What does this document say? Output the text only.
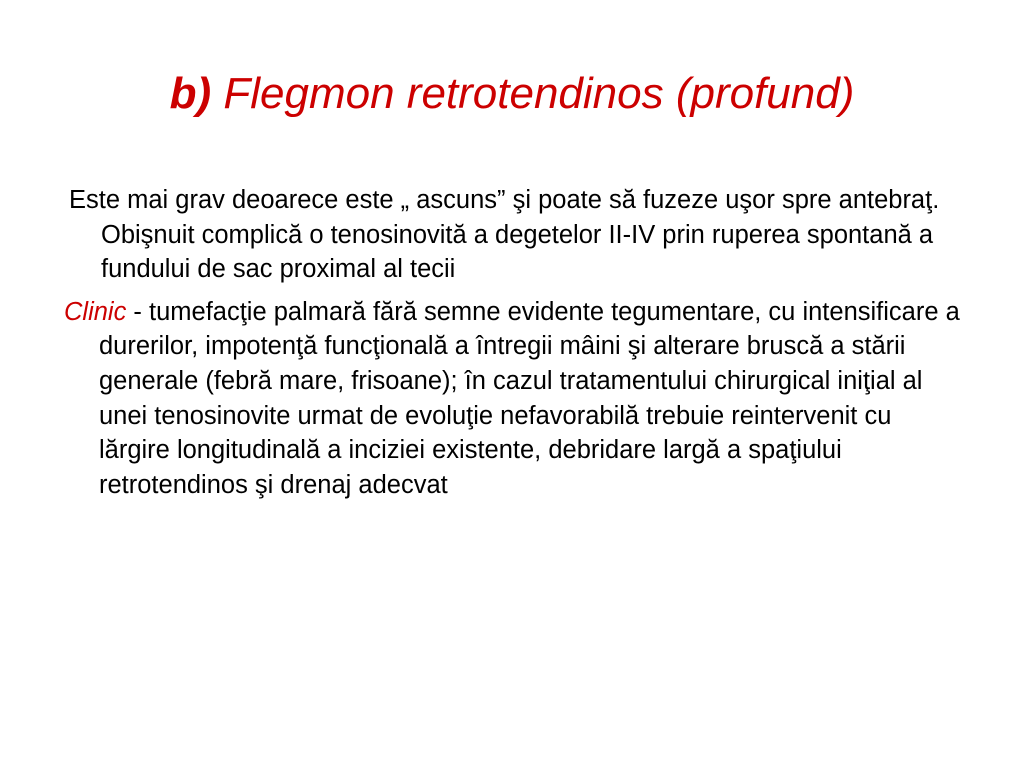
b) Flegmon retrotendinos (profund)

Este mai grav deoarece este „ ascuns” şi poate să fuzeze uşor spre antebraţ. Obişnuit complică o tenosinovită a degetelor II-IV prin ruperea spontană a fundului de sac proximal al tecii

Clinic - tumefacţie palmară fără semne evidente tegumentare, cu intensificare a durerilor, impotenţă funcţională a întregii mâini şi alterare bruscă a stării generale (febră mare, frisoane); în cazul tratamentului chirurgical iniţial al unei tenosinovite urmat de evoluţie nefavorabilă trebuie reintervenit cu lărgire longitudinală a inciziei existente, debridare largă a spaţiului retrotendinos şi drenaj adecvat
